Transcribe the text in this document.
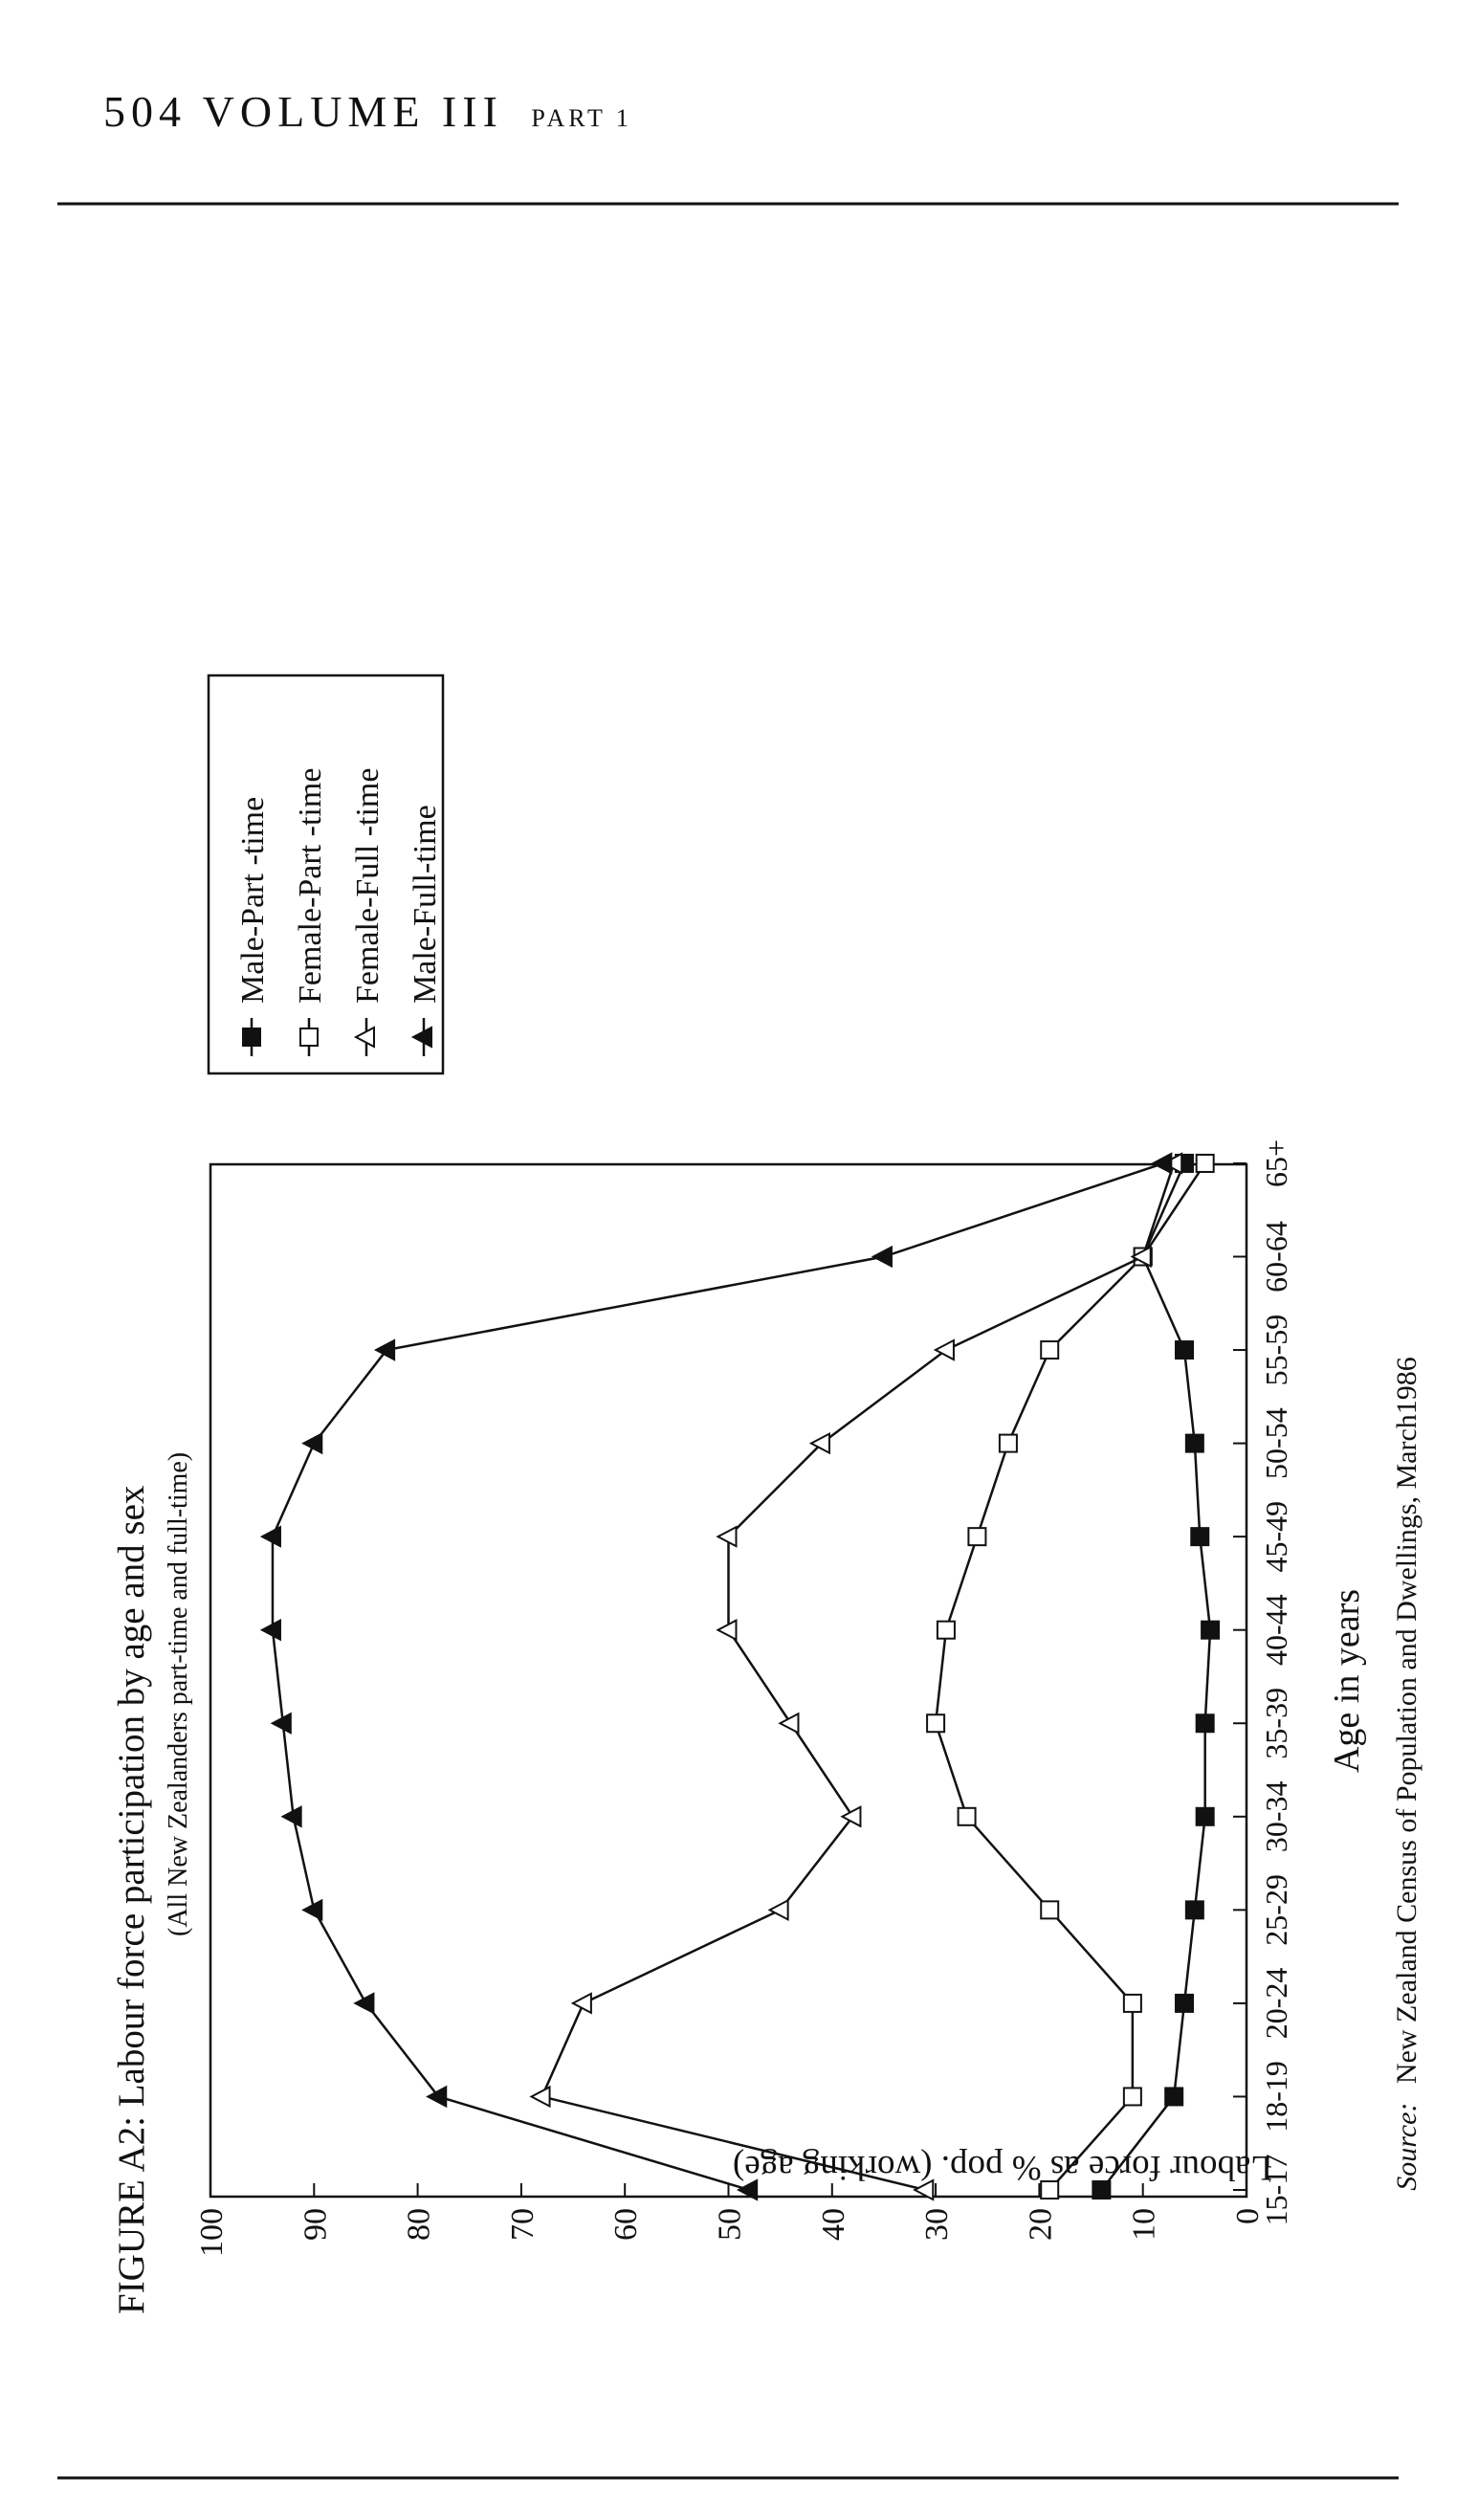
504 VOLUME III PART 1
FIGURE A2: Labour force participation by age and sex (All New Zealanders part-time and full-time)
0
10
20
30
40
50
60
70
80
90
100
15-17
18-19
20-24
25-29
30-34
35-39
40-44
45-49
50-54
55-59
60-64
65+
Labour force as % pop. (working age)
Age in years
Source: New Zealand Census of Population and Dwellings, March1986
Male-Part -time Female-Part -time Female-Full -time Male-Full-time
